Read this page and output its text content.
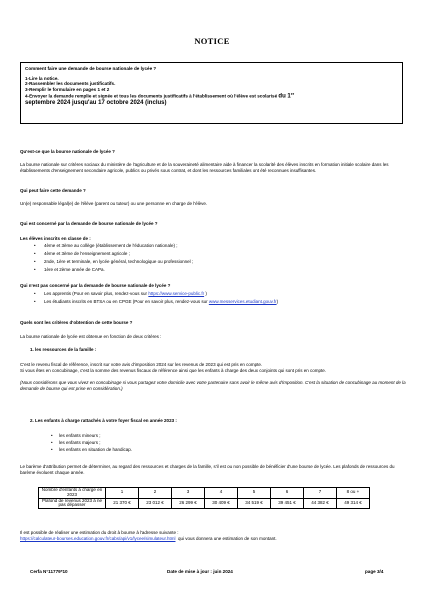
NOTICE
Comment faire une demande de bourse nationale de lycée ?
1-Lire la notice.
2-Rassembler les documents justificatifs.
3-Remplir le formulaire en pages 1 et 2
4-Envoyer la demande remplie et signée et tous les documents justificatifs à l'établissement où l'élève est scolarisé du 1er
septembre 2024 jusqu'au 17 octobre 2024 (inclus)
Qu'est-ce que la bourse nationale de lycée ?
La bourse nationale sur critères sociaux du ministère de l'agriculture et de la souveraineté alimentaire aide à financer la scolarité des élèves inscrits en formation initiale scolaire dans les établissements d'enseignement secondaire agricole, publics ou privés sous contrat, et dont les ressources familiales ont été reconnues insuffisantes.
Qui peut faire cette demande ?
Un(e) responsable légal(e) de l'élève (parent ou tuteur) ou une personne en charge de l'élève.
Qui est concerné par la demande de bourse nationale de lycée ?
Les élèves inscrits en classe de :
• 4ème et 3ème au collège (établissement de l'éducation nationale) ;
• 4ème et 3ème de l'enseignement agricole ;
• 2nde, 1ère et terminale, en lycée général, technologique ou professionnel ;
• 1ère et 2ème année de CAPa.
Qui n'est pas concerné par la demande de bourse nationale de lycée ?
• Les apprentis (Pour en savoir plus, rendez-vous sur https://www.service-public.fr )
• Les étudiants inscrits en BTSA ou en CPGE (Pour en savoir plus, rendez-vous sur www.messervices.etudiant.gouv.fr)
Quels sont les critères d'obtention de cette bourse ?
La bourse nationale de lycée est obtenue en fonction de deux critères :
1. les ressources de la famille :
C'est le revenu fiscal de référence, inscrit sur votre avis d'imposition 2024 sur les revenus de 2023 qui est pris en compte.
Si vous êtes en concubinage, c'est la somme des revenus fiscaux de référence ainsi que les enfants à charge des deux conjoints qui sont pris en compte.
(Nous considérons que vous vivez en concubinage si vous partagez votre domicile avec votre partenaire sans avoir le même avis d'imposition. C'est la situation de concubinage au moment de la demande de bourse qui est prise en considération.)
2. Les enfants à charge rattachés à votre foyer fiscal en année 2023 :
• les enfants mineurs ;
• les enfants majeurs ;
• les enfants en situation de handicap.
Le barème d'attribution permet de déterminer, au regard des ressources et charges de la famille, s'il est ou non possible de bénéficier d'une bourse de lycée. Les plafonds de ressources du barème évoluent chaque année.
Nombre d'enfants à charge en 2023	1	2	3	4	5	6	7	8 ou +
Plafond de revenus 2023 à ne pas dépasser	21 370 €	23 012 €	26 299 €	30 409 €	34 519 €	39 451 €	44 382 €	49 314 €
Il est possible de réaliser une estimation du droit à bourse à l'adresse suivante :
https://calculateur-bourses.education.gouv.fr/cabs/api/v1/lycee/simulateur.html qui vous donnera une estimation de son montant.
Cerfa N°11779*10	Date de mise à jour : juin 2024	page 3/4
